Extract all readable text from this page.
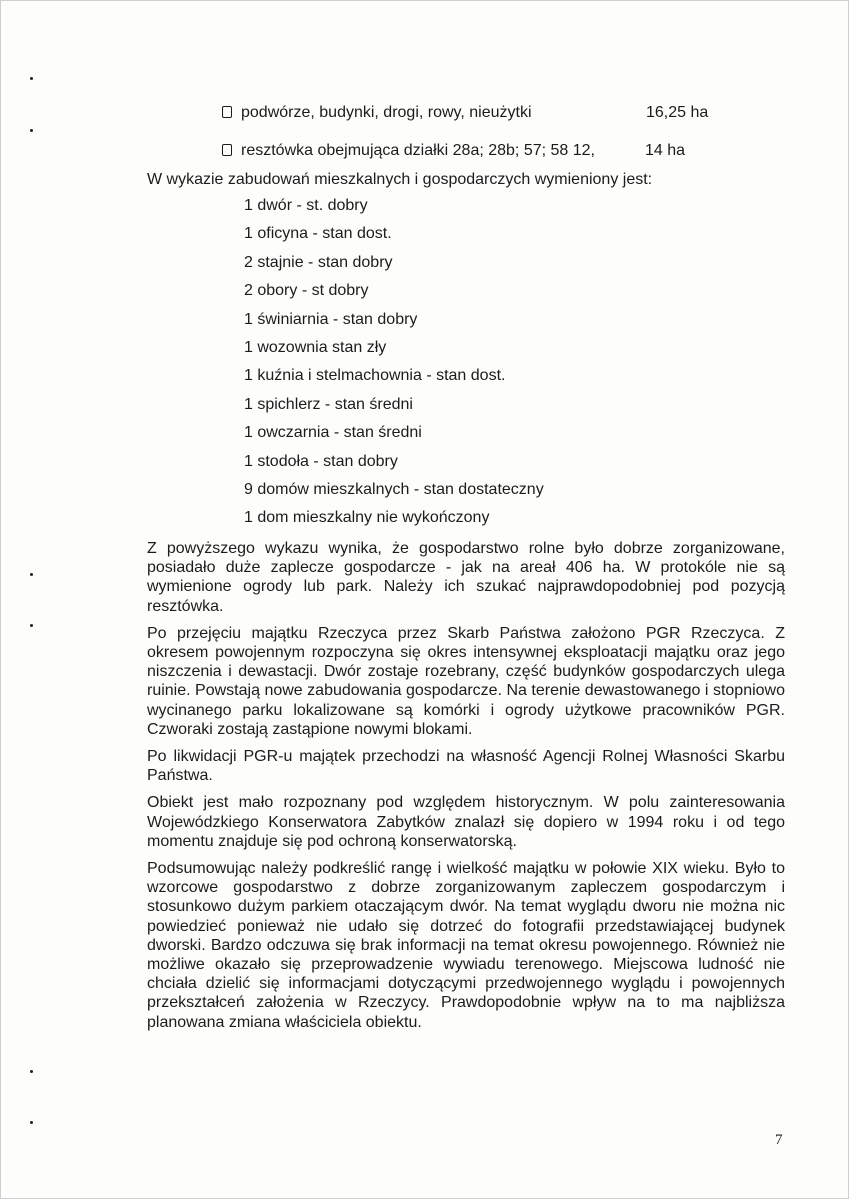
podwórze, budynki, drogi, rowy, nieużytki	16,25 ha
resztówka obejmująca działki 28a; 28b; 57; 58 12,	14 ha
W wykazie zabudowań mieszkalnych i gospodarczych wymieniony jest:
1 dwór - st. dobry
1 oficyna - stan dost.
2 stajnie - stan dobry
2 obory - st dobry
1 świniarnia - stan dobry
1 wozownia stan zły
1 kuźnia i stelmachownia - stan dost.
1 spichlerz - stan średni
1 owczarnia - stan średni
1 stodoła - stan dobry
9 domów mieszkalnych - stan dostateczny
1 dom mieszkalny nie wykończony

Z powyższego wykazu wynika, że gospodarstwo rolne było dobrze zorganizowane, posiadało duże zaplecze gospodarcze - jak na areał 406 ha. W protokóle nie są wymienione ogrody lub park. Należy ich szukać najprawdopodobniej pod pozycją resztówka.

Po przejęciu majątku Rzeczyca przez Skarb Państwa założono PGR Rzeczyca. Z okresem powojennym rozpoczyna się okres intensywnej eksploatacji majątku oraz jego niszczenia i dewastacji. Dwór zostaje rozebrany, część budynków gospodarczych ulega ruinie. Powstają nowe zabudowania gospodarcze. Na terenie dewastowanego i stopniowo wycinanego parku lokalizowane są komórki i ogrody użytkowe pracowników PGR. Czworaki zostają zastąpione nowymi blokami.

Po likwidacji PGR-u majątek przechodzi na własność Agencji Rolnej Własności Skarbu Państwa.

Obiekt jest mało rozpoznany pod względem historycznym. W polu zainteresowania Wojewódzkiego Konserwatora Zabytków znalazł się dopiero w 1994 roku i od tego momentu znajduje się pod ochroną konserwatorską.

Podsumowując należy podkreślić rangę i wielkość majątku w połowie XIX wieku. Było to wzorcowe gospodarstwo z dobrze zorganizowanym zapleczem gospodarczym i stosunkowo dużym parkiem otaczającym dwór. Na temat wyglądu dworu nie można nic powiedzieć ponieważ nie udało się dotrzeć do fotografii przedstawiającej budynek dworski. Bardzo odczuwa się brak informacji na temat okresu powojennego. Również nie możliwe okazało się przeprowadzenie wywiadu terenowego. Miejscowa ludność nie chciała dzielić się informacjami dotyczącymi przedwojennego wyglądu i powojennych przekształceń założenia w Rzeczycy. Prawdopodobnie wpływ na to ma najbliższa planowana zmiana właściciela obiektu.

7
